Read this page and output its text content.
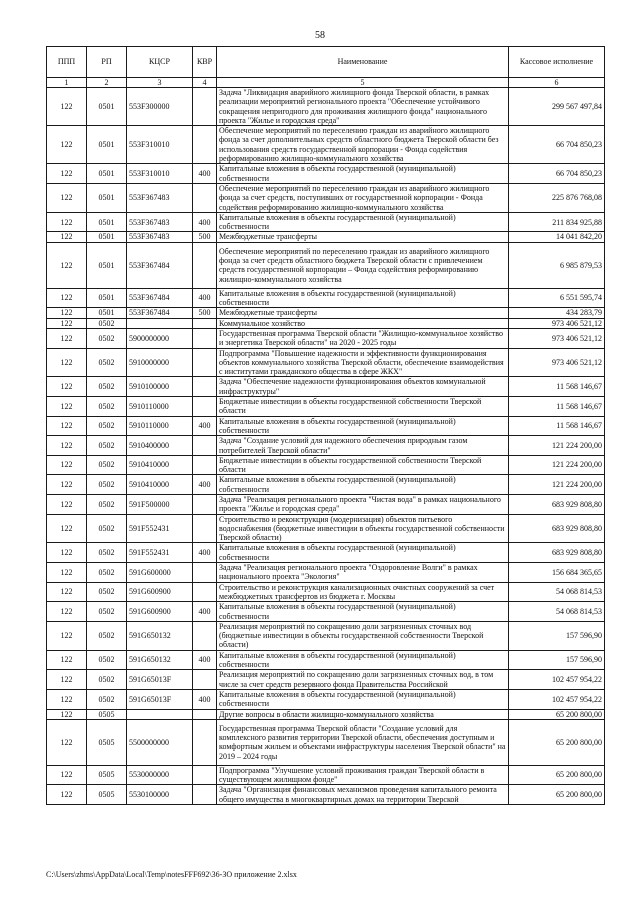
58
ППП	РП	КЦСР	КВР	Наименование	Кассовое исполнение
1	2	3	4	5	6
122	0501	553F300000		Задача "Ликвидация аварийного жилищного фонда Тверской области, в рамках реализации мероприятий регионального проекта "Обеспечение устойчивого сокращения непригодного для проживания жилищного фонда" национального проекта "Жилье и городская среда"	299 567 497,84
122	0501	553F310010		Обеспечение мероприятий по переселению граждан из аварийного жилищного фонда за счет дополнительных средств областного бюджета Тверской области без использования средств государственной корпорации - Фонда содействия реформированию жилищно-коммунального хозяйства	66 704 850,23
122	0501	553F310010	400	Капитальные вложения в объекты государственной (муниципальной) собственности	66 704 850,23
122	0501	553F367483		Обеспечение мероприятий по переселению граждан из аварийного жилищного фонда за счет средств, поступивших от государственной корпорации - Фонда содействия реформированию жилищно-коммунального хозяйства	225 876 768,08
122	0501	553F367483	400	Капитальные вложения в объекты государственной (муниципальной) собственности	211 834 925,88
122	0501	553F367483	500	Межбюджетные трансферты	14 041 842,20
122	0501	553F367484		Обеспечение мероприятий по переселению граждан из аварийного жилищного фонда за счет средств областного бюджета Тверской области с привлечением средств государственной корпорации – Фонда содействия реформированию жилищно-коммунального хозяйства	6 985 879,53
122	0501	553F367484	400	Капитальные вложения в объекты государственной (муниципальной) собственности	6 551 595,74
122	0501	553F367484	500	Межбюджетные трансферты	434 283,79
122	0502			Коммунальное хозяйство	973 406 521,12
122	0502	5900000000		Государственная программа Тверской области "Жилищно-коммунальное хозяйство и энергетика Тверской области" на 2020 - 2025 годы	973 406 521,12
122	0502	5910000000		Подпрограмма "Повышение надежности и эффективности функционирования объектов коммунального хозяйства Тверской области, обеспечение взаимодействия с институтами гражданского общества в сфере ЖКХ"	973 406 521,12
122	0502	5910100000		Задача "Обеспечение надежности функционирования объектов коммунальной инфраструктуры"	11 568 146,67
122	0502	5910110000		Бюджетные инвестиции в объекты государственной собственности Тверской области	11 568 146,67
122	0502	5910110000	400	Капитальные вложения в объекты государственной (муниципальной) собственности	11 568 146,67
122	0502	5910400000		Задача "Создание условий для надежного обеспечения природным газом потребителей Тверской области"	121 224 200,00
122	0502	5910410000		Бюджетные инвестиции в объекты государственной собственности Тверской области	121 224 200,00
122	0502	5910410000	400	Капитальные вложения в объекты государственной (муниципальной) собственности	121 224 200,00
122	0502	591F500000		Задача "Реализация регионального проекта "Чистая вода" в рамках национального проекта "Жилье и городская среда"	683 929 808,80
122	0502	591F552431		Строительство и реконструкция (модернизация) объектов питьевого водоснабжения (бюджетные инвестиции в объекты государственной собственности Тверской области)	683 929 808,80
122	0502	591F552431	400	Капитальные вложения в объекты государственной (муниципальной) собственности	683 929 808,80
122	0502	591G600000		Задача "Реализация регионального проекта "Оздоровление Волги" в рамках национального проекта "Экология"	156 684 365,65
122	0502	591G600900		Строительство и реконструкция канализационных очистных сооружений за счет межбюджетных трансфертов из бюджета г. Москвы	54 068 814,53
122	0502	591G600900	400	Капитальные вложения в объекты государственной (муниципальной) собственности	54 068 814,53
122	0502	591G650132		Реализация мероприятий по сокращению доли загрязненных сточных вод (бюджетные инвестиции в объекты государственной собственности Тверской области)	157 596,90
122	0502	591G650132	400	Капитальные вложения в объекты государственной (муниципальной) собственности	157 596,90
122	0502	591G65013F		Реализация мероприятий по сокращению доли загрязненных сточных вод, в том числе за счет средств резервного фонда Правительства Российской	102 457 954,22
122	0502	591G65013F	400	Капитальные вложения в объекты государственной (муниципальной) собственности	102 457 954,22
122	0505			Другие вопросы в области жилищно-коммунального хозяйства	65 200 800,00
122	0505	5500000000		Государственная программа Тверской области "Создание условий для комплексного развития территории Тверской области, обеспечения доступным и комфортным жильем и объектами инфраструктуры населения Тверской области" на 2019 – 2024 годы	65 200 800,00
122	0505	5530000000		Подпрограмма "Улучшение условий проживания граждан Тверской области в существующем жилищном фонде"	65 200 800,00
122	0505	5530100000		Задача "Организация финансовых механизмов проведения капитального ремонта общего имущества в многоквартирных домах на территории Тверской	65 200 800,00
C:\Users\zhms\AppData\Local\Temp\notesFFF692\36-ЗО приложение 2.xlsx
